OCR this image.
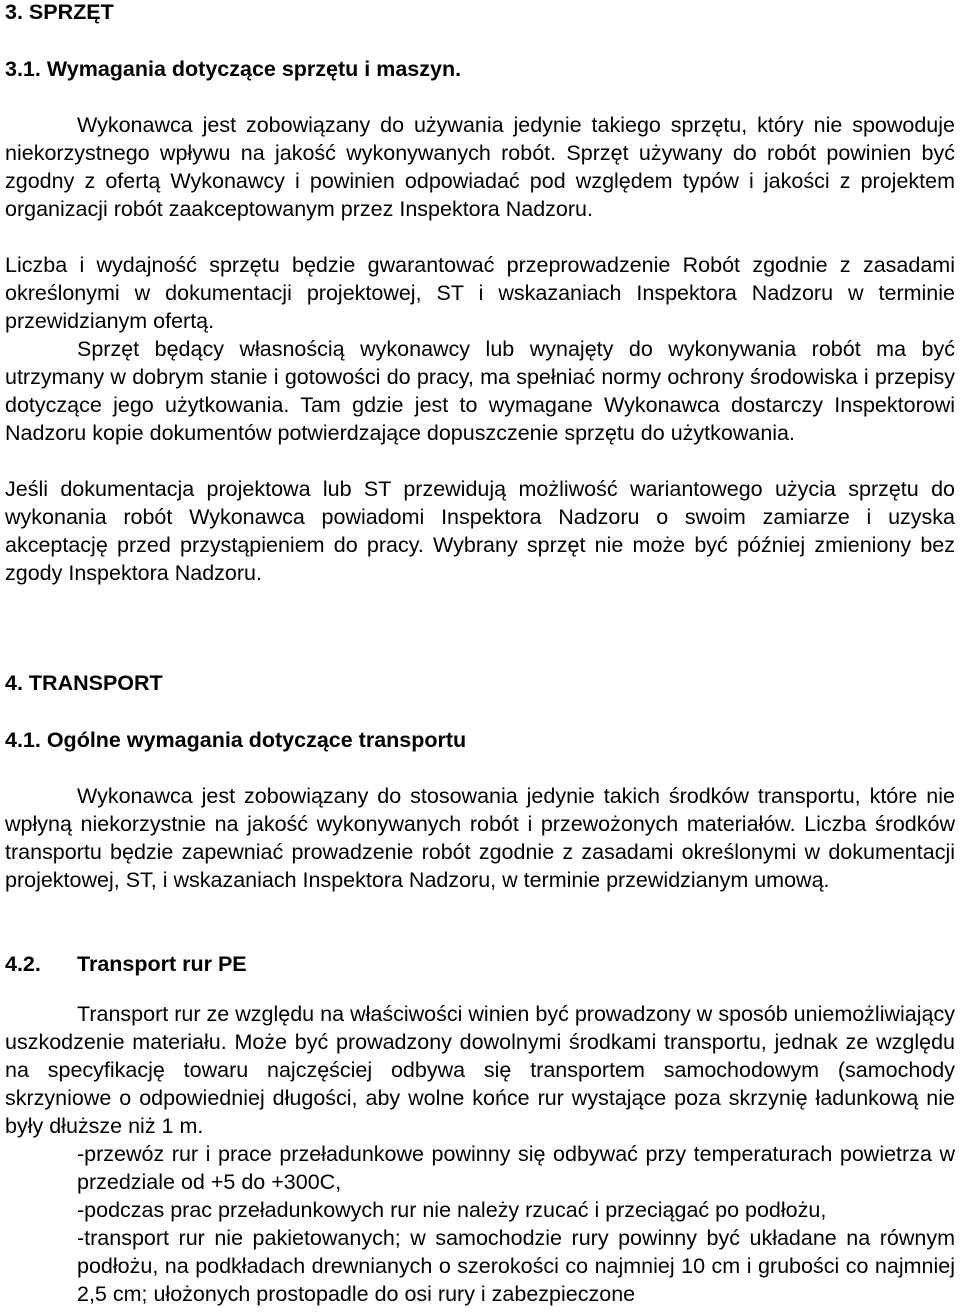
3. SPRZĘT
3.1. Wymagania dotyczące sprzętu i maszyn.

Wykonawca jest zobowiązany do używania jedynie takiego sprzętu, który nie spowoduje niekorzystnego wpływu na jakość wykonywanych robót. Sprzęt używany do robót powinien być zgodny z ofertą Wykonawcy i powinien odpowiadać pod względem typów i jakości z projektem organizacji robót zaakceptowanym przez Inspektora Nadzoru.

Liczba i wydajność sprzętu będzie gwarantować przeprowadzenie Robót zgodnie z zasadami określonymi w dokumentacji projektowej, ST i wskazaniach Inspektora Nadzoru w terminie przewidzianym ofertą.

Sprzęt będący własnością wykonawcy lub wynajęty do wykonywania robót ma być utrzymany w dobrym stanie i gotowości do pracy, ma spełniać normy ochrony środowiska i przepisy dotyczące jego użytkowania. Tam gdzie jest to wymagane Wykonawca dostarczy Inspektorowi Nadzoru kopie dokumentów potwierdzające dopuszczenie sprzętu do użytkowania.

Jeśli dokumentacja projektowa lub ST przewidują możliwość wariantowego użycia sprzętu do wykonania robót Wykonawca powiadomi Inspektora Nadzoru o swoim zamiarze i uzyska akceptację przed przystąpieniem do pracy. Wybrany sprzęt nie może być później zmieniony bez zgody Inspektora Nadzoru.

4. TRANSPORT
4.1. Ogólne wymagania dotyczące transportu

Wykonawca jest zobowiązany do stosowania jedynie takich środków transportu, które nie wpłyną niekorzystnie na jakość wykonywanych robót i przewożonych materiałów. Liczba środków transportu będzie zapewniać prowadzenie robót zgodnie z zasadami określonymi w dokumentacji projektowej, ST, i wskazaniach Inspektora Nadzoru, w terminie przewidzianym umową.

4.2. Transport rur PE

Transport rur ze względu na właściwości winien być prowadzony w sposób uniemożliwiający uszkodzenie materiału. Może być prowadzony dowolnymi środkami transportu, jednak ze względu na specyfikację towaru najczęściej odbywa się transportem samochodowym (samochody skrzyniowe o odpowiedniej długości, aby wolne końce rur wystające poza skrzynię ładunkową nie były dłuższe niż 1 m.

-przewóz rur i prace przeładunkowe powinny się odbywać przy temperaturach powietrza w przedziale od +5 do +300C,

-podczas prac przeładunkowych rur nie należy rzucać i przeciągać po podłożu,

-transport rur nie pakietowanych; w samochodzie rury powinny być układane na równym podłożu, na podkładach drewnianych o szerokości co najmniej 10 cm i grubości co najmniej 2,5 cm; ułożonych prostopadle do osi rury i zabezpieczone
